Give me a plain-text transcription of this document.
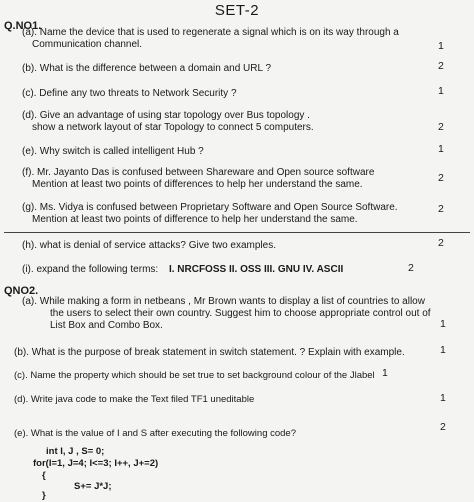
SET-2
Q.NO1.
(a). Name the device that is used to regenerate a signal which is on its way through a
Communication channel.	1
(b). What is the difference between a domain and URL ?	2
(c). Define any two threats to Network Security ?	1
(d). Give an advantage of using star topology over Bus topology .
show a network layout of star Topology to connect 5 computers.	2
(e). Why switch is called intelligent Hub ?	1
(f). Mr. Jayanto Das is confused between Shareware and Open source software
Mention at least two points of differences to help her understand the same.
2
(g). Ms. Vidya is confused between Proprietary Software and Open Source Software.
Mention at least two points of difference to help her understand the same.
2
(h). what is denial of service attacks? Give two examples.	2
(i). expand the following terms: I. NRCFOSS II. OSS III. GNU IV. ASCII	2
QNO2.
(a). While making a form in netbeans , Mr Brown wants to display a list of countries to allow
the users to select their own country. Suggest him to choose appropriate control out of
List Box and Combo Box.	1
(b). What is the purpose of break statement in switch statement. ? Explain with example.	1
(c). Name the property which should be set true to set background colour of the Jlabel 1
(d). Write java code to make the Text filed TF1 uneditable	1
(e). What is the value of I and S after executing the following code?
2
int I, J , S= 0;
for(I=1, J=4; I<=3; I++, J+=2)
{
S+= J*J;
}
